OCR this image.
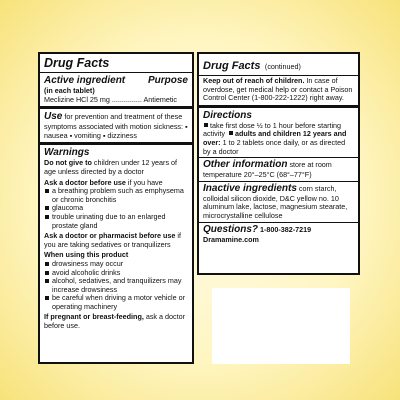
Drug Facts
Active ingredient Purpose
(in each tablet)
Meclizine HCl 25 mg ............... Antiemetic
Use for prevention and treatment of these symptoms associated with motion sickness: ▪ nausea ▪ vomiting ▪ dizziness
Warnings
Do not give to children under 12 years of age unless directed by a doctor
Ask a doctor before use if you have
a breathing problem such as emphysema or chronic bronchitis
glaucoma
trouble urinating due to an enlarged prostate gland
Ask a doctor or pharmacist before use if you are taking sedatives or tranquilizers
When using this product
drowsiness may occur
avoid alcoholic drinks
alcohol, sedatives, and tranquilizers may increase drowsiness
be careful when driving a motor vehicle or operating machinery
If pregnant or breast-feeding, ask a doctor before use.
Drug Facts (continued)
Keep out of reach of children. In case of overdose, get medical help or contact a Poison Control Center (1-800-222-1222) right away.
Directions
take first dose ½ to 1 hour before starting activity adults and children 12 years and over: 1 to 2 tablets once daily, or as directed by a doctor
Other information store at room temperature 20°–25°C (68°–77°F)
Inactive ingredients corn starch, colloidal silicon dioxide, D&C yellow no. 10 aluminum lake, lactose, magnesium stearate, microcrystalline cellulose
Questions? 1-800-382-7219
Dramamine.com
